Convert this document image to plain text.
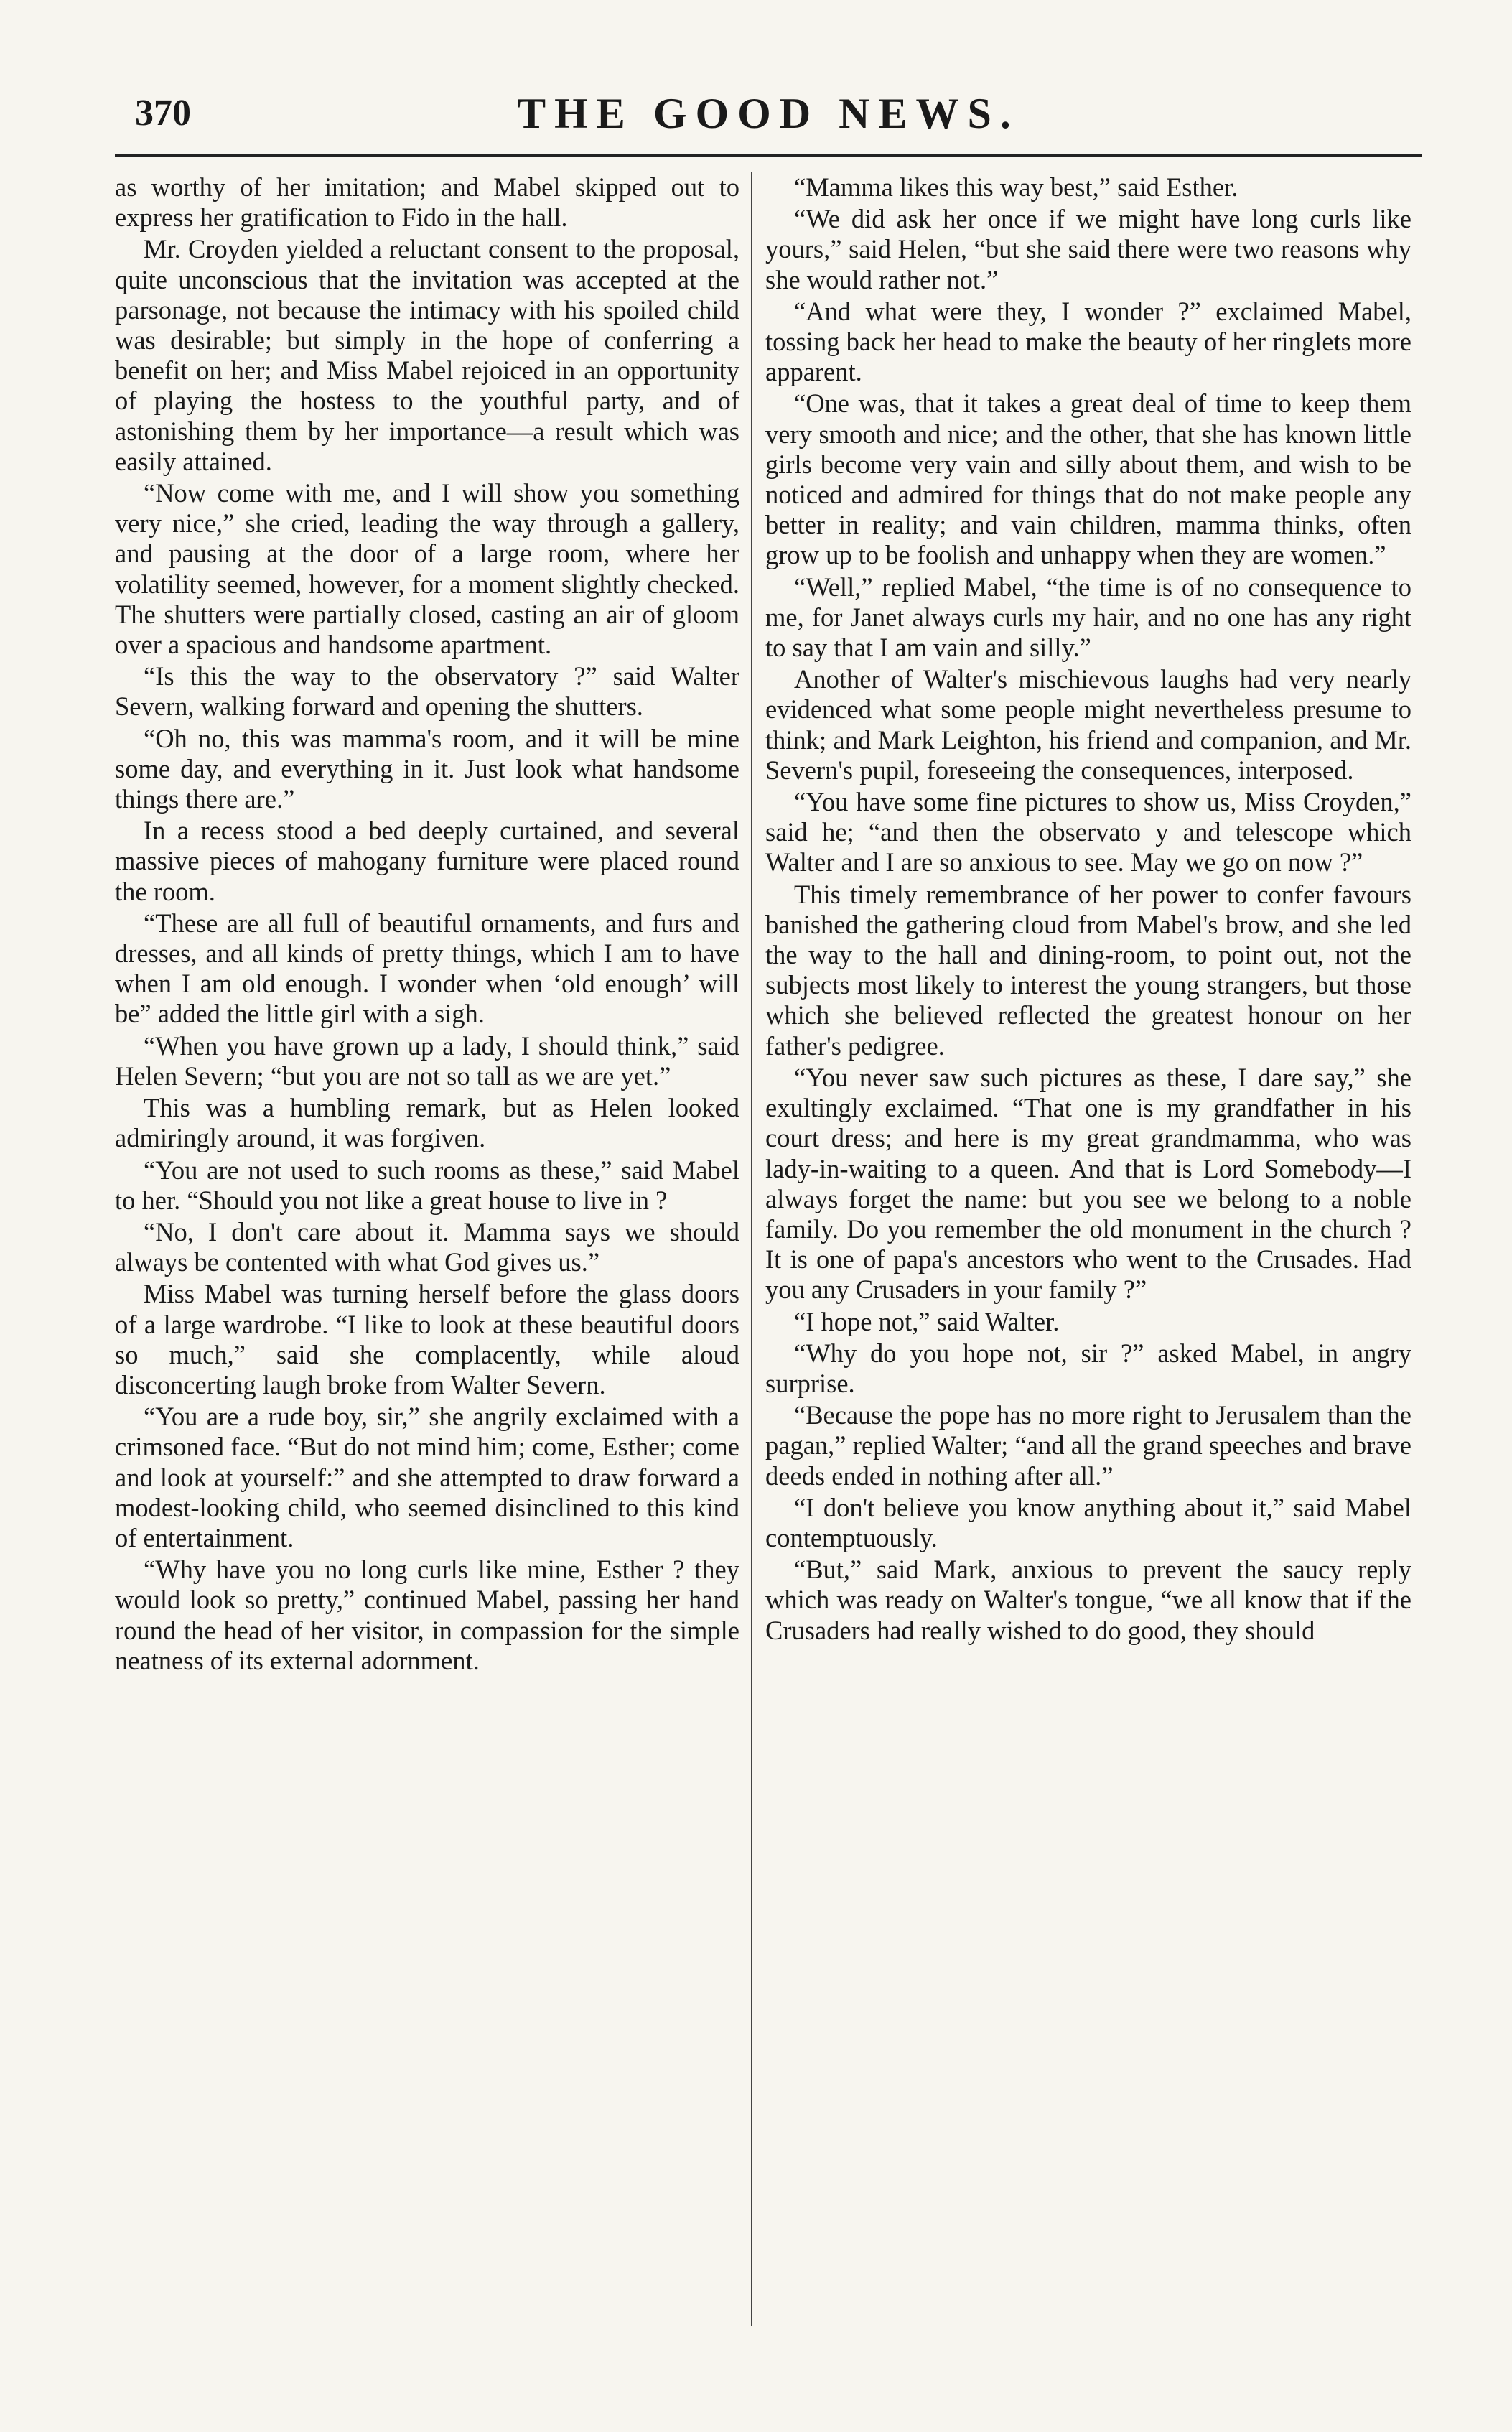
370	THE GOOD NEWS.

as worthy of her imitation; and Mabel skipped out to express her gratification to Fido in the hall.

Mr. Croyden yielded a reluctant consent to the proposal, quite unconscious that the invitation was accepted at the parsonage, not because the intimacy with his spoiled child was desirable; but simply in the hope of conferring a benefit on her; and Miss Mabel rejoiced in an opportunity of playing the hostess to the youthful party, and of astonishing them by her importance—a result which was easily attained.

“Now come with me, and I will show you something very nice,” she cried, leading the way through a gallery, and pausing at the door of a large room, where her volatility seemed, however, for a moment slightly checked. The shutters were partially closed, casting an air of gloom over a spacious and handsome apartment.

“Is this the way to the observatory ?” said Walter Severn, walking forward and opening the shutters.

“Oh no, this was mamma's room, and it will be mine some day, and everything in it. Just look what handsome things there are.”

In a recess stood a bed deeply curtained, and several massive pieces of mahogany furniture were placed round the room.

“These are all full of beautiful ornaments, and furs and dresses, and all kinds of pretty things, which I am to have when I am old enough. I wonder when ‘old enough’ will be” added the little girl with a sigh.

“When you have grown up a lady, I should think,” said Helen Severn; “but you are not so tall as we are yet.”

This was a humbling remark, but as Helen looked admiringly around, it was forgiven.

“You are not used to such rooms as these,” said Mabel to her. “Should you not like a great house to live in ?

“No, I don't care about it. Mamma says we should always be contented with what God gives us.”

Miss Mabel was turning herself before the glass doors of a large wardrobe. “I like to look at these beautiful doors so much,” said she complacently, while aloud disconcerting laugh broke from Walter Severn.

“You are a rude boy, sir,” she angrily exclaimed with a crimsoned face. “But do not mind him; come, Esther; come and look at yourself:” and she attempted to draw forward a modest-looking child, who seemed disinclined to this kind of entertainment.

“Why have you no long curls like mine, Esther ? they would look so pretty,” continued Mabel, passing her hand round the head of her visitor, in compassion for the simple neatness of its external adornment.

“Mamma likes this way best,” said Esther.

“We did ask her once if we might have long curls like yours,” said Helen, “but she said there were two reasons why she would rather not.”

“And what were they, I wonder ?” exclaimed Mabel, tossing back her head to make the beauty of her ringlets more apparent.

“One was, that it takes a great deal of time to keep them very smooth and nice; and the other, that she has known little girls become very vain and silly about them, and wish to be noticed and admired for things that do not make people any better in reality; and vain children, mamma thinks, often grow up to be foolish and unhappy when they are women.”

“Well,” replied Mabel, “the time is of no consequence to me, for Janet always curls my hair, and no one has any right to say that I am vain and silly.”

Another of Walter's mischievous laughs had very nearly evidenced what some people might nevertheless presume to think; and Mark Leighton, his friend and companion, and Mr. Severn's pupil, foreseeing the consequences, interposed.

“You have some fine pictures to show us, Miss Croyden,” said he; “and then the observato y and telescope which Walter and I are so anxious to see. May we go on now ?”

This timely remembrance of her power to confer favours banished the gathering cloud from Mabel's brow, and she led the way to the hall and dining-room, to point out, not the subjects most likely to interest the young strangers, but those which she believed reflected the greatest honour on her father's pedigree.

“You never saw such pictures as these, I dare say,” she exultingly exclaimed. “That one is my grandfather in his court dress; and here is my great grandmamma, who was lady-in-waiting to a queen. And that is Lord Somebody—I always forget the name: but you see we belong to a noble family. Do you remember the old monument in the church ? It is one of papa's ancestors who went to the Crusades. Had you any Crusaders in your family ?”

“I hope not,” said Walter.

“Why do you hope not, sir ?” asked Mabel, in angry surprise.

“Because the pope has no more right to Jerusalem than the pagan,” replied Walter; “and all the grand speeches and brave deeds ended in nothing after all.”

“I don't believe you know anything about it,” said Mabel contemptuously.

“But,” said Mark, anxious to prevent the saucy reply which was ready on Walter's tongue, “we all know that if the Crusaders had really wished to do good, they should
